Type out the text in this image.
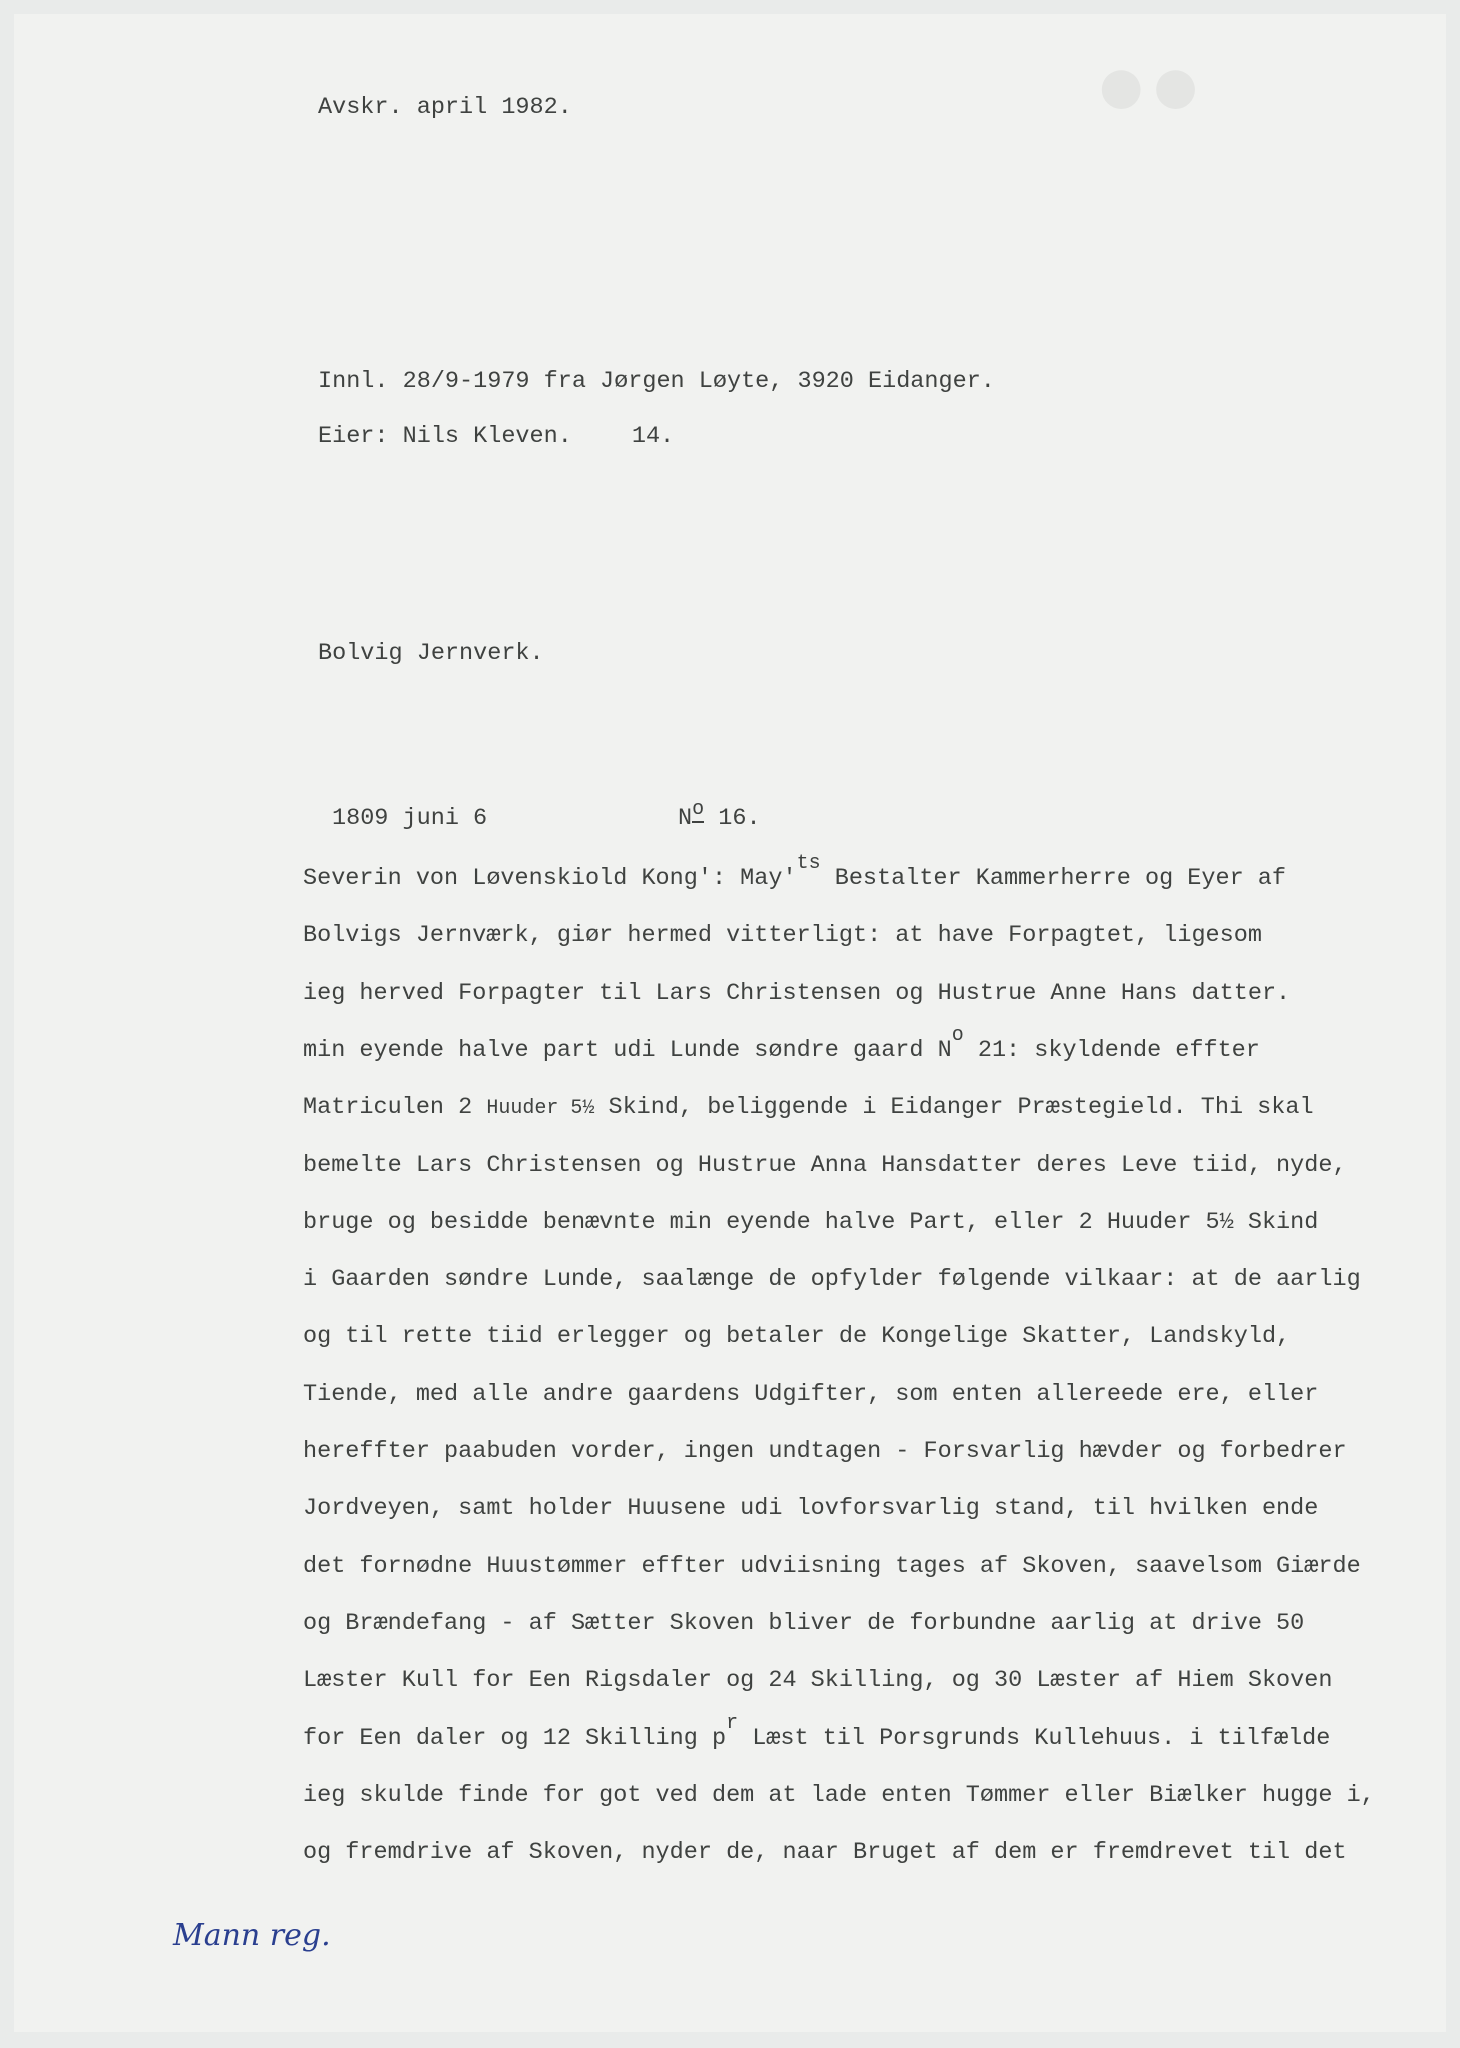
●●
Avskr. april 1982.
Innl. 28/9-1979 fra Jørgen Løyte, 3920 Eidanger.
Eier: Nils Kleven.	14.
Bolvig Jernverk.
1809 juni 6	No 16.
Severin von Løvenskiold Kong': May'ts Bestalter Kammerherre og Eyer af
Bolvigs Jernværk, giør hermed vitterligt: at have Forpagtet, ligesom
ieg herved Forpagter til Lars Christensen og Hustrue Anne Hans datter.
min eyende halve part udi Lunde søndre gaard No 21: skyldende effter
Matriculen 2 Huuder 5½ Skind, beliggende i Eidanger Præstegield. Thi skal
bemelte Lars Christensen og Hustrue Anna Hansdatter deres Leve tiid, nyde,
bruge og besidde benævnte min eyende halve Part, eller 2 Huuder 5½ Skind
i Gaarden søndre Lunde, saalænge de opfylder følgende vilkaar: at de aarlig
og til rette tiid erlegger og betaler de Kongelige Skatter, Landskyld,
Tiende, med alle andre gaardens Udgifter, som enten allereede ere, eller
hereffter paabuden vorder, ingen undtagen - Forsvarlig hævder og forbedrer
Jordveyen, samt holder Huusene udi lovforsvarlig stand, til hvilken ende
det fornødne Huustømmer effter udviisning tages af Skoven, saavelsom Giærde
og Brændefang - af Sætter Skoven bliver de forbundne aarlig at drive 50
Læster Kull for Een Rigsdaler og 24 Skilling, og 30 Læster af Hiem Skoven
for Een daler og 12 Skilling pr Læst til Porsgrunds Kullehuus. i tilfælde
ieg skulde finde for got ved dem at lade enten Tømmer eller Biælker hugge i,
og fremdrive af Skoven, nyder de, naar Bruget af dem er fremdrevet til det
Mann reg.
